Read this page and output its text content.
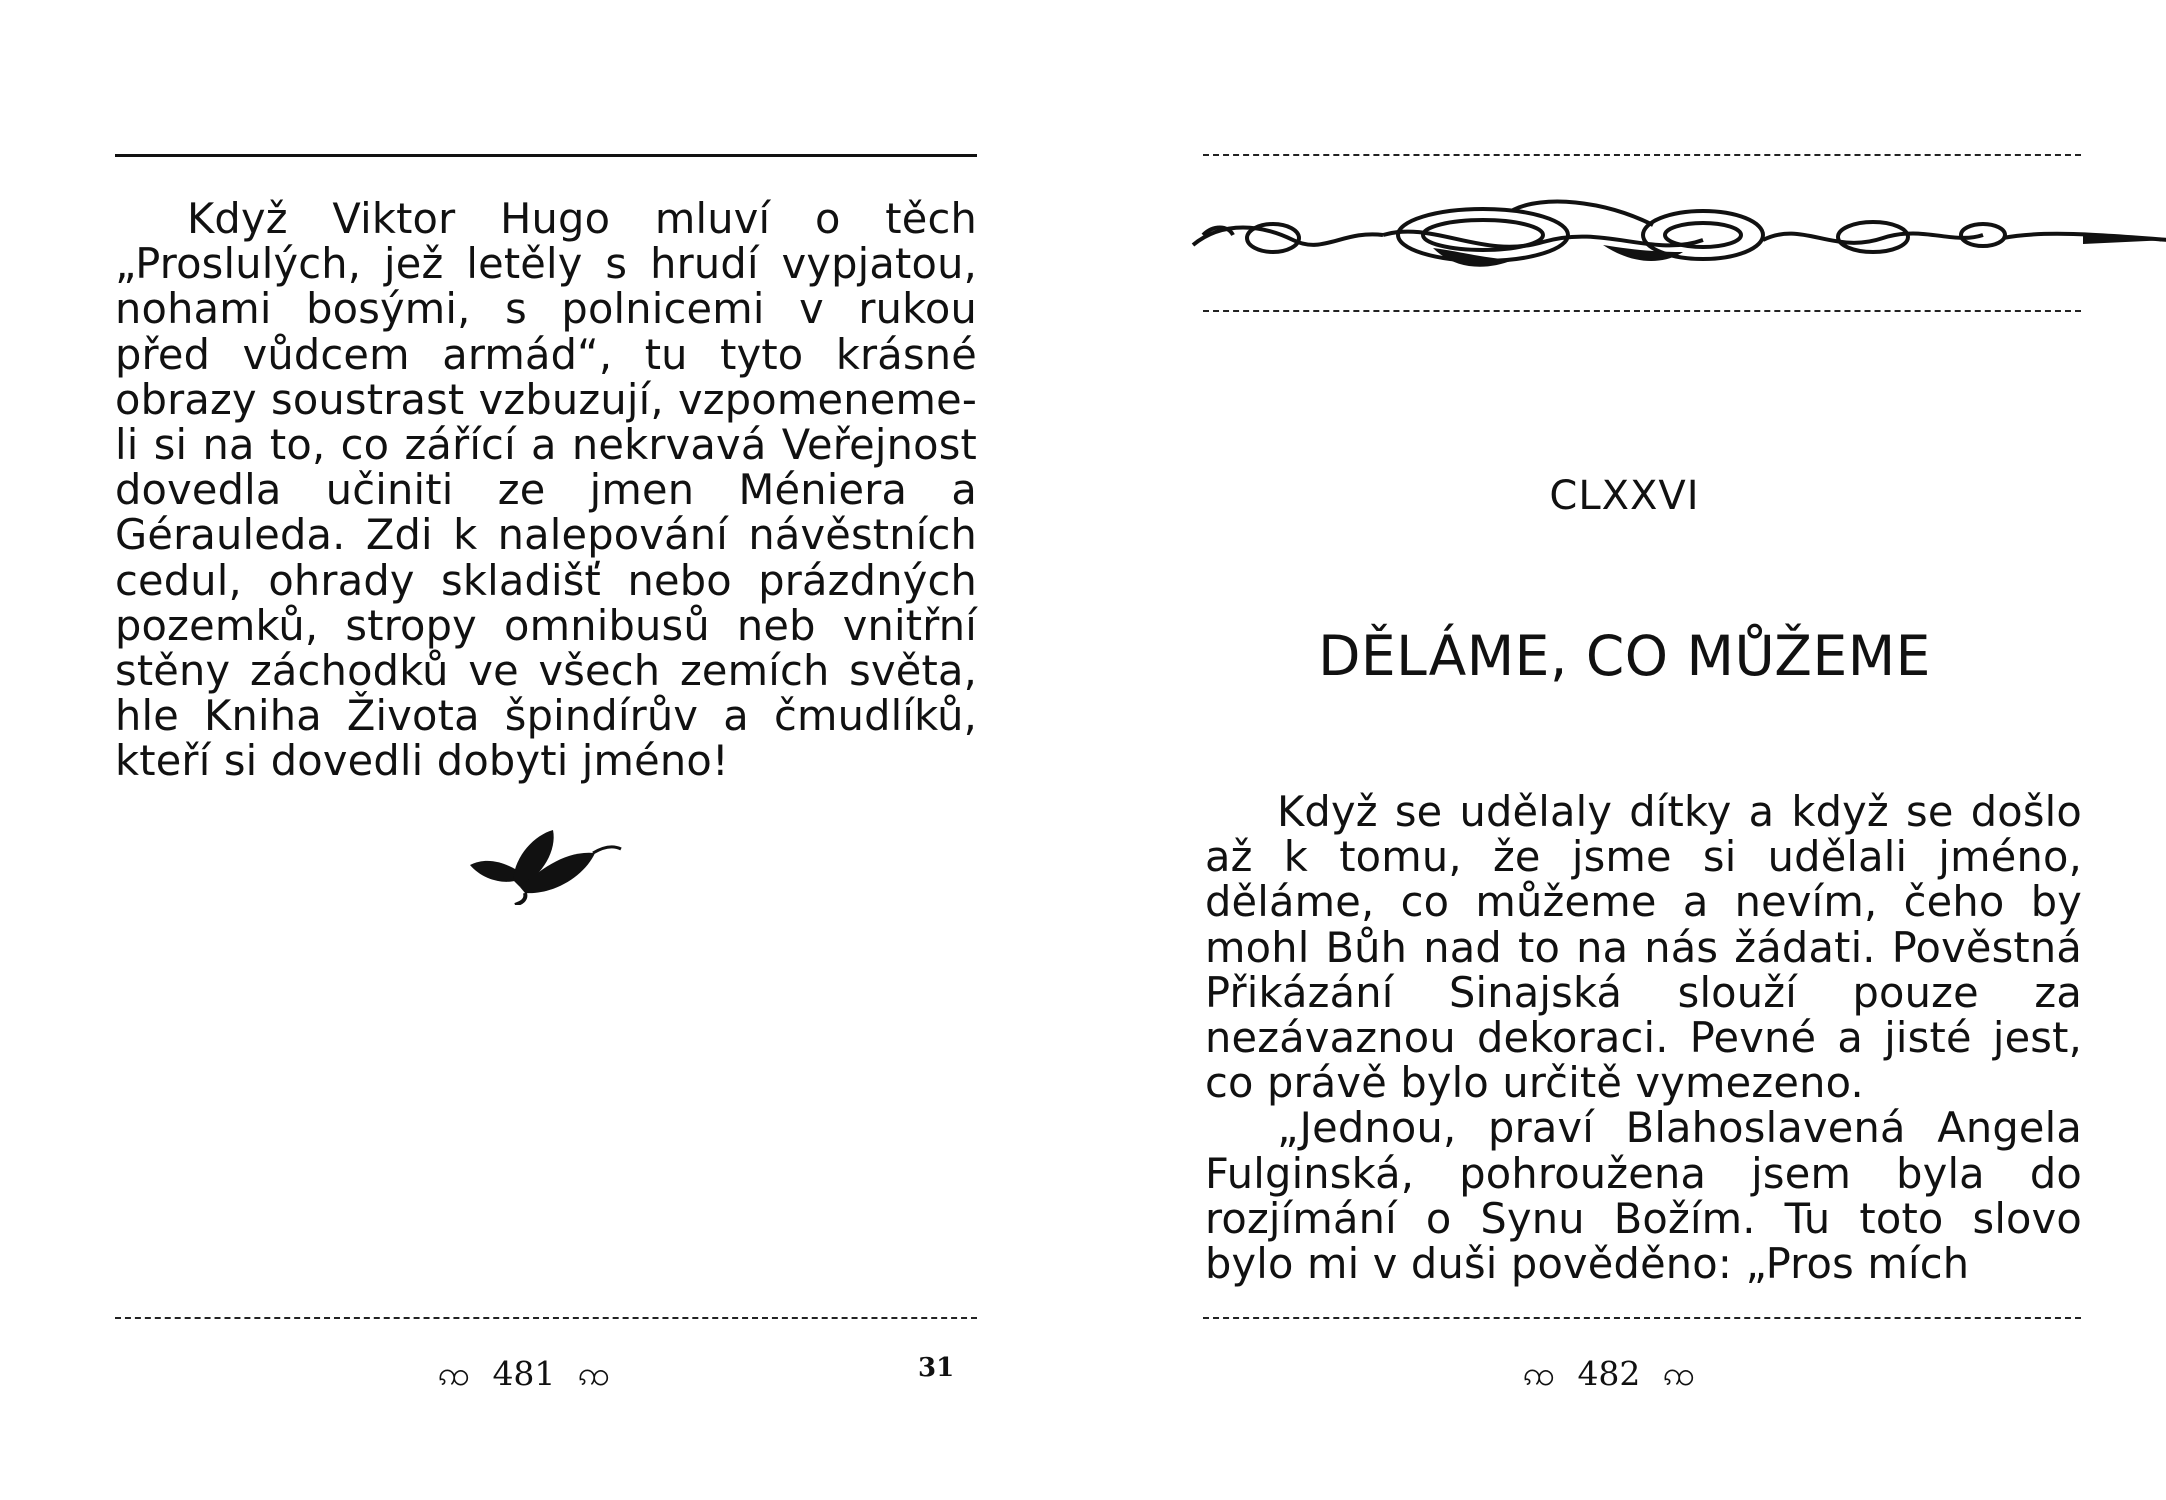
Když Viktor Hugo mluví o těch „Proslulých, jež letěly s hrudí vypjatou, nohami bosými, s polnicemi v rukou před vůdcem armád“, tu tyto krásné obrazy soustrast vzbuzují, vzpomeneme-li si na to, co zářící a nekrvavá Veřejnost dovedla učiniti ze jmen Méniera a Gérauleda. Zdi k nalepování návěstních cedul, ohrady skladišť nebo prázdných pozemků, stropy omnibusů neb vnitřní stěny záchodků ve všech zemích světa, hle Kniha Života špindírův a čmudlíků, kteří si dovedli dobyti jméno!

ꩡ 481 ꩡ	31
CLXXVI
DĚLÁME, CO MŮŽEME

Když se udělaly dítky a když se došlo až k tomu, že jsme si udělali jméno, děláme, co můžeme a nevím, čeho by mohl Bůh nad to na nás žádati. Pověstná Přikázání Sinajská slouží pouze za nezávaznou dekoraci. Pevné a jisté jest, co právě bylo určitě vymezeno.

„Jednou, praví Blahoslavená Angela Fulginská, pohroužena jsem byla do rozjímání o Synu Božím. Tu toto slovo bylo mi v duši pověděno: „Pros mích

ꩡ 482 ꩡ
